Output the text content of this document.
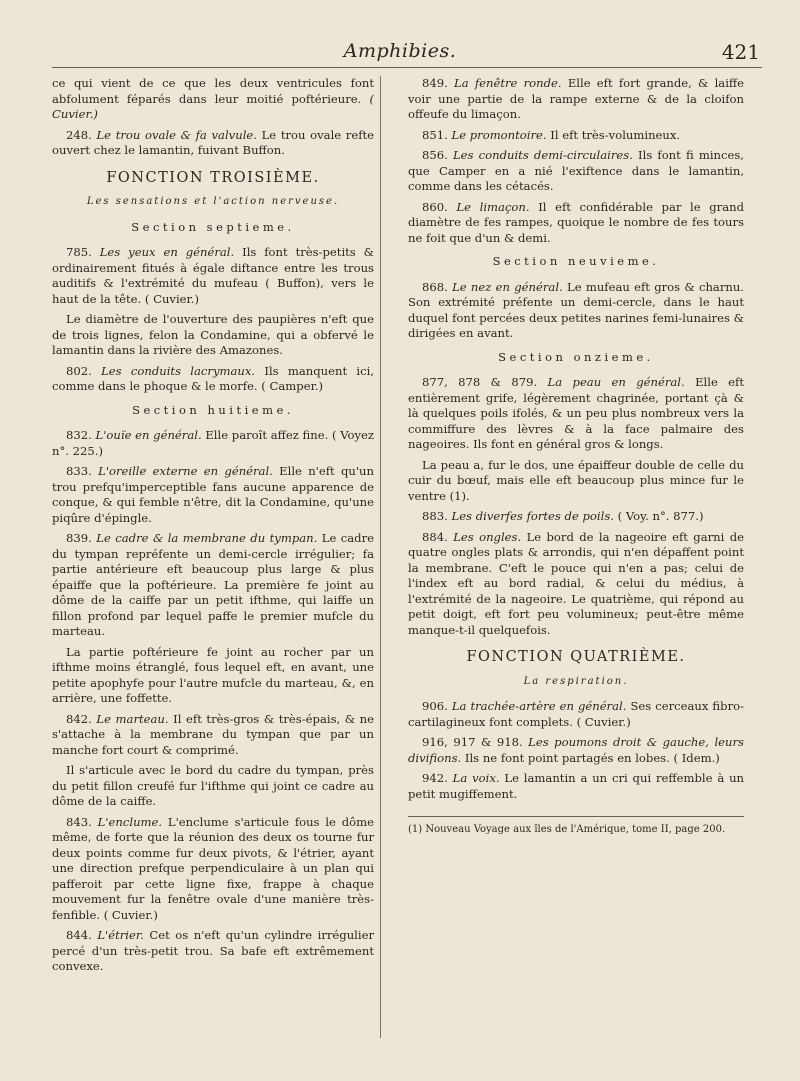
Amphibies.	421

ce qui vient de ce que les deux ventricules font abfolument féparés dans leur moitié poftérieure. ( Cuvier.)

248. Le trou ovale & fa valvule. Le trou ovale refte ouvert chez le lamantin, fuivant Buffon.

FONCTION TROISIÈME.
Les sensations et l'action nerveuse.
Section septieme.

785. Les yeux en général. Ils font très-petits & ordinairement fitués à égale diftance entre les trous auditifs & l'extrémité du mufeau ( Buffon), vers le haut de la tête. ( Cuvier.)

Le diamètre de l'ouverture des paupières n'eft que de trois lignes, felon la Condamine, qui a obfervé le lamantin dans la rivière des Amazones.

802. Les conduits lacrymaux. Ils manquent ici, comme dans le phoque & le morfe. ( Camper.)

Section huitieme.

832. L'ouïe en général. Elle paroît affez fine. ( Voyez n°. 225.)

833. L'oreille externe en général. Elle n'eft qu'un trou prefqu'imperceptible fans aucune apparence de conque, & qui femble n'être, dit la Condamine, qu'une piqûre d'épingle.

839. Le cadre & la membrane du tympan. Le cadre du tympan repréfente un demi-cercle irrégulier; fa partie antérieure eft beaucoup plus large & plus épaiffe que la poftérieure. La première fe joint au dôme de la caiffe par un petit ifthme, qui laiffe un fillon profond par lequel paffe le premier mufcle du marteau.

La partie poftérieure fe joint au rocher par un ifthme moins étranglé, fous lequel eft, en avant, une petite apophyfe pour l'autre mufcle du marteau, &, en arrière, une foffette.

842. Le marteau. Il eft très-gros & très-épais, & ne s'attache à la membrane du tympan que par un manche fort court & comprimé.

Il s'articule avec le bord du cadre du tympan, près du petit fillon creufé fur l'ifthme qui joint ce cadre au dôme de la caiffe.

843. L'enclume. L'enclume s'articule fous le dôme même, de forte que la réunion des deux os tourne fur deux points comme fur deux pivots, & l'étrier, ayant une direction prefque perpendiculaire à un plan qui pafferoit par cette ligne fixe, frappe à chaque mouvement fur la fenêtre ovale d'une manière très-fenfible. ( Cuvier.)

844. L'étrier. Cet os n'eft qu'un cylindre irrégulier percé d'un très-petit trou. Sa bafe eft extrêmement convexe.

849. La fenêtre ronde. Elle eft fort grande, & laiffe voir une partie de la rampe externe & de la cloifon offeufe du limaçon.

851. Le promontoire. Il eft très-volumineux.

856. Les conduits demi-circulaires. Ils font fi minces, que Camper en a nié l'exiftence dans le lamantin, comme dans les cétacés.

860. Le limaçon. Il eft confidérable par le grand diamètre de fes rampes, quoique le nombre de fes tours ne foit que d'un & demi.

Section neuvieme.

868. Le nez en général. Le mufeau eft gros & charnu. Son extrémité préfente un demi-cercle, dans le haut duquel font percées deux petites narines femi-lunaires & dirigées en avant.

Section onzieme.

877, 878 & 879. La peau en général. Elle eft entièrement grife, légèrement chagrinée, portant çà & là quelques poils ifolés, & un peu plus nombreux vers la commiffure des lèvres & à la face palmaire des nageoires. Ils font en général gros & longs.

La peau a, fur le dos, une épaiffeur double de celle du cuir du bœuf, mais elle eft beaucoup plus mince fur le ventre (1).

883. Les diverfes fortes de poils. ( Voy. n°. 877.)

884. Les ongles. Le bord de la nageoire eft garni de quatre ongles plats & arrondis, qui n'en dépaffent point la membrane. C'eft le pouce qui n'en a pas; celui de l'index eft au bord radial, & celui du médius, à l'extrémité de la nageoire. Le quatrième, qui répond au petit doigt, eft fort peu volumineux; peut-être même manque-t-il quelquefois.

FONCTION QUATRIÈME.
La respiration.

906. La trachée-artère en général. Ses cerceaux fibro-cartilagineux font complets. ( Cuvier.)

916, 917 & 918. Les poumons droit & gauche, leurs divifions. Ils ne font point partagés en lobes. ( Idem.)

942. La voix. Le lamantin a un cri qui reffemble à un petit mugiffement.

(1) Nouveau Voyage aux îles de l'Amérique, tome II, page 200.
